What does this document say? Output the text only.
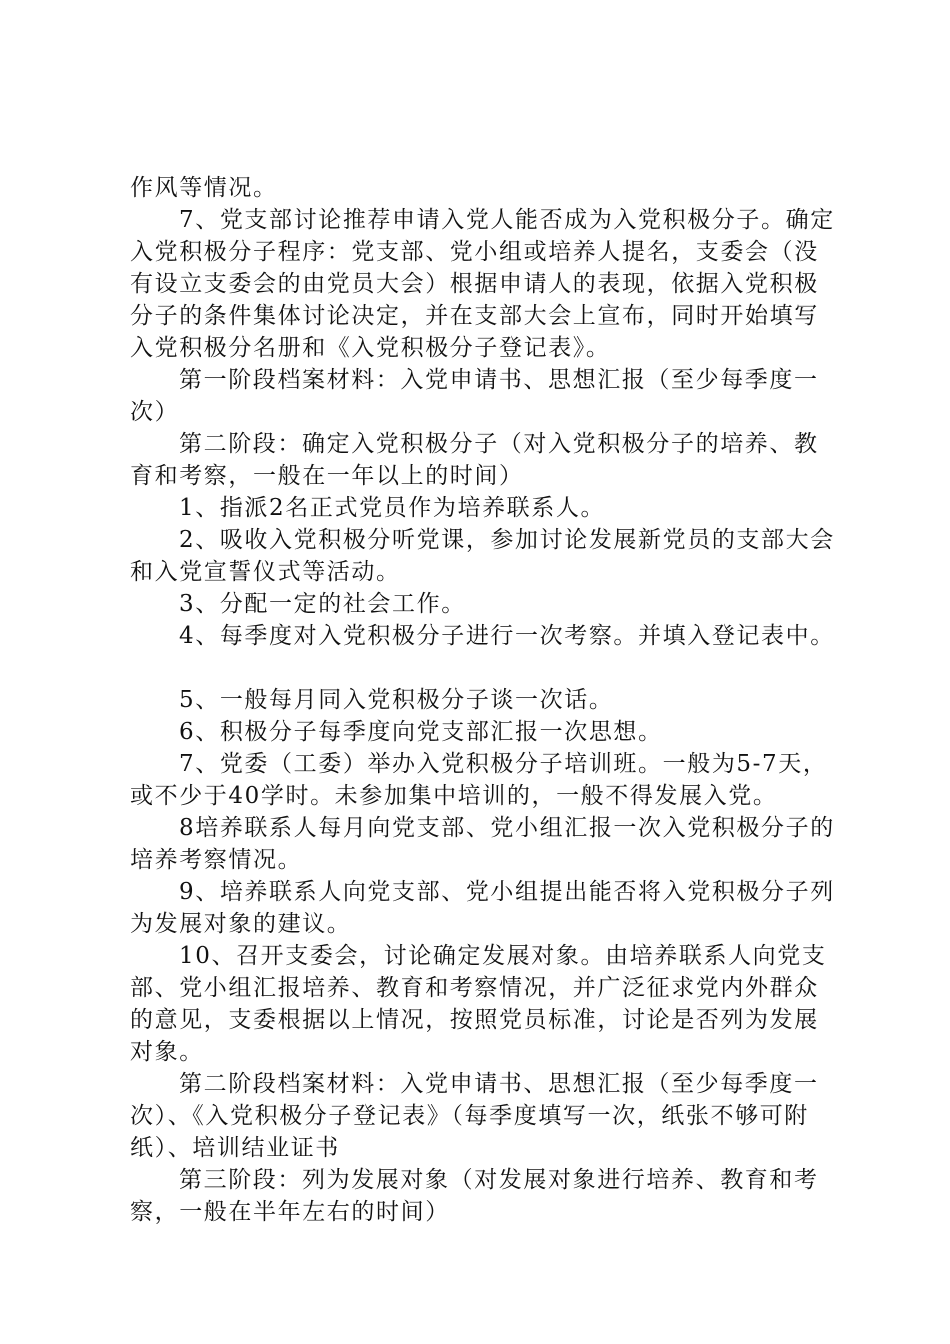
作风等情况。

7、党支部讨论推荐申请入党人能否成为入党积极分子。确定入党积极分子程序：党支部、党小组或培养人提名，支委会（没有设立支委会的由党员大会）根据申请人的表现，依据入党积极分子的条件集体讨论决定，并在支部大会上宣布，同时开始填写入党积极分名册和《入党积极分子登记表》。

第一阶段档案材料：入党申请书、思想汇报（至少每季度一次）

第二阶段：确定入党积极分子（对入党积极分子的培养、教育和考察，一般在一年以上的时间）

1、指派2名正式党员作为培养联系人。

2、吸收入党积极分听党课，参加讨论发展新党员的支部大会和入党宣誓仪式等活动。

3、分配一定的社会工作。

4、每季度对入党积极分子进行一次考察。并填入登记表中。

5、一般每月同入党积极分子谈一次话。

6、积极分子每季度向党支部汇报一次思想。

7、党委（工委）举办入党积极分子培训班。一般为5-7天，或不少于40学时。未参加集中培训的，一般不得发展入党。

8培养联系人每月向党支部、党小组汇报一次入党积极分子的培养考察情况。

9、培养联系人向党支部、党小组提出能否将入党积极分子列为发展对象的建议。

10、召开支委会，讨论确定发展对象。由培养联系人向党支部、党小组汇报培养、教育和考察情况，并广泛征求党内外群众的意见，支委根据以上情况，按照党员标准，讨论是否列为发展对象。

第二阶段档案材料：入党申请书、思想汇报（至少每季度一次）、《入党积极分子登记表》（每季度填写一次，纸张不够可附纸）、培训结业证书

第三阶段：列为发展对象（对发展对象进行培养、教育和考察，一般在半年左右的时间）
